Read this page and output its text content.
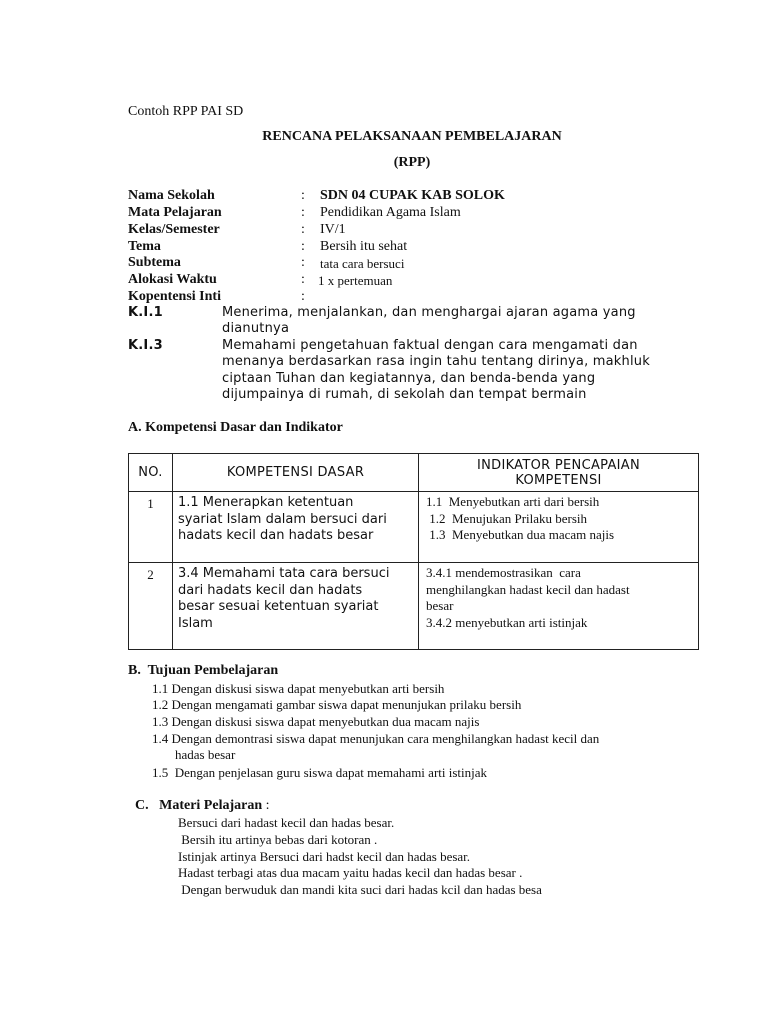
Contoh RPP PAI SD
RENCANA PELAKSANAAN PEMBELAJARAN
(RPP)
Nama Sekolah	: SDN 04 CUPAK KAB SOLOK
Mata Pelajaran	: Pendidikan Agama Islam
Kelas/Semester	: IV/1
Tema	: Bersih itu sehat
Subtema	: tata cara bersuci
Alokasi Waktu	: 1 x pertemuan
Kopentensi Inti	:
K.I.1	Menerima, menjalankan, dan menghargai ajaran agama yang
dianutnya
K.I.3	Memahami pengetahuan faktual dengan cara mengamati dan
menanya berdasarkan rasa ingin tahu tentang dirinya, makhluk
ciptaan Tuhan dan kegiatannya, dan benda-benda yang
dijumpainya di rumah, di sekolah dan tempat bermain
A. Kompetensi Dasar dan Indikator
NO.	KOMPETENSI DASAR	INDIKATOR PENCAPAIAN
KOMPETENSI

1	1.1 Menerapkan ketentuan
syariat Islam dalam bersuci dari
hadats kecil dan hadats besar	1.1  Menyebutkan arti dari bersih
1.2  Menujukan Prilaku bersih
1.3  Menyebutkan dua macam najis

2	3.4 Memahami tata cara bersuci
dari hadats kecil dan hadats
besar sesuai ketentuan syariat
Islam	3.4.1 mendemostrasikan  cara
menghilangkan hadast kecil dan hadast
besar
3.4.2 menyebutkan arti istinjak
B.  Tujuan Pembelajaran
1.1 Dengan diskusi siswa dapat menyebutkan arti bersih
1.2 Dengan mengamati gambar siswa dapat menunjukan prilaku bersih
1.3 Dengan diskusi siswa dapat menyebutkan dua macam najis
1.4 Dengan demontrasi siswa dapat menunjukan cara menghilangkan hadast kecil dan
hadas besar
1.5  Dengan penjelasan guru siswa dapat memahami arti istinjak
C.   Materi Pelajaran :
Bersuci dari hadast kecil dan hadas besar.
Bersih itu artinya bebas dari kotoran .
Istinjak artinya Bersuci dari hadst kecil dan hadas besar.
Hadast terbagi atas dua macam yaitu hadas kecil dan hadas besar .
Dengan berwuduk dan mandi kita suci dari hadas kcil dan hadas besa
